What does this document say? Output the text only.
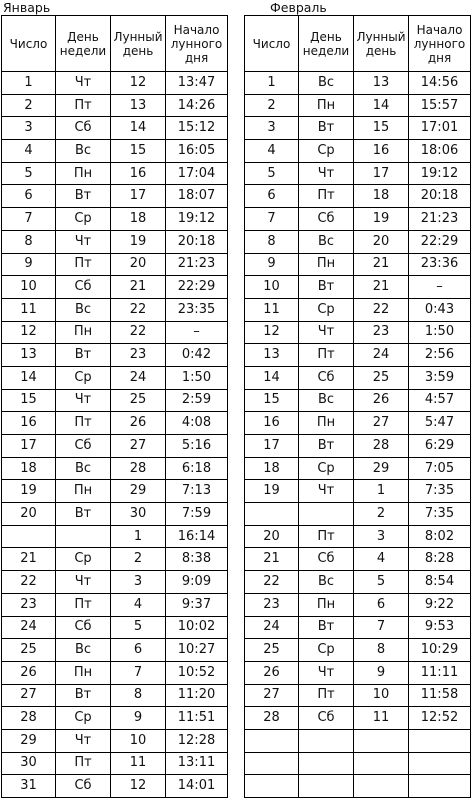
Январь
Число	День недели	Лунный день	Начало лунного дня
1	Чт	12	13:47
2	Пт	13	14:26
3	Сб	14	15:12
4	Вс	15	16:05
5	Пн	16	17:04
6	Вт	17	18:07
7	Ср	18	19:12
8	Чт	19	20:18
9	Пт	20	21:23
10	Сб	21	22:29
11	Вс	22	23:35
12	Пн	22	–
13	Вт	23	0:42
14	Ср	24	1:50
15	Чт	25	2:59
16	Пт	26	4:08
17	Сб	27	5:16
18	Вс	28	6:18
19	Пн	29	7:13
20	Вт	30	7:59
		1	16:14
21	Ср	2	8:38
22	Чт	3	9:09
23	Пт	4	9:37
24	Сб	5	10:02
25	Вс	6	10:27
26	Пн	7	10:52
27	Вт	8	11:20
28	Ср	9	11:51
29	Чт	10	12:28
30	Пт	11	13:11
31	Сб	12	14:01
Февраль
Число	День недели	Лунный день	Начало лунного дня
1	Вс	13	14:56
2	Пн	14	15:57
3	Вт	15	17:01
4	Ср	16	18:06
5	Чт	17	19:12
6	Пт	18	20:18
7	Сб	19	21:23
8	Вс	20	22:29
9	Пн	21	23:36
10	Вт	21	–
11	Ср	22	0:43
12	Чт	23	1:50
13	Пт	24	2:56
14	Сб	25	3:59
15	Вс	26	4:57
16	Пн	27	5:47
17	Вт	28	6:29
18	Ср	29	7:05
19	Чт	1	7:35
		2	7:35
20	Пт	3	8:02
21	Сб	4	8:28
22	Вс	5	8:54
23	Пн	6	9:22
24	Вт	7	9:53
25	Ср	8	10:29
26	Чт	9	11:11
27	Пт	10	11:58
28	Сб	11	12:52
